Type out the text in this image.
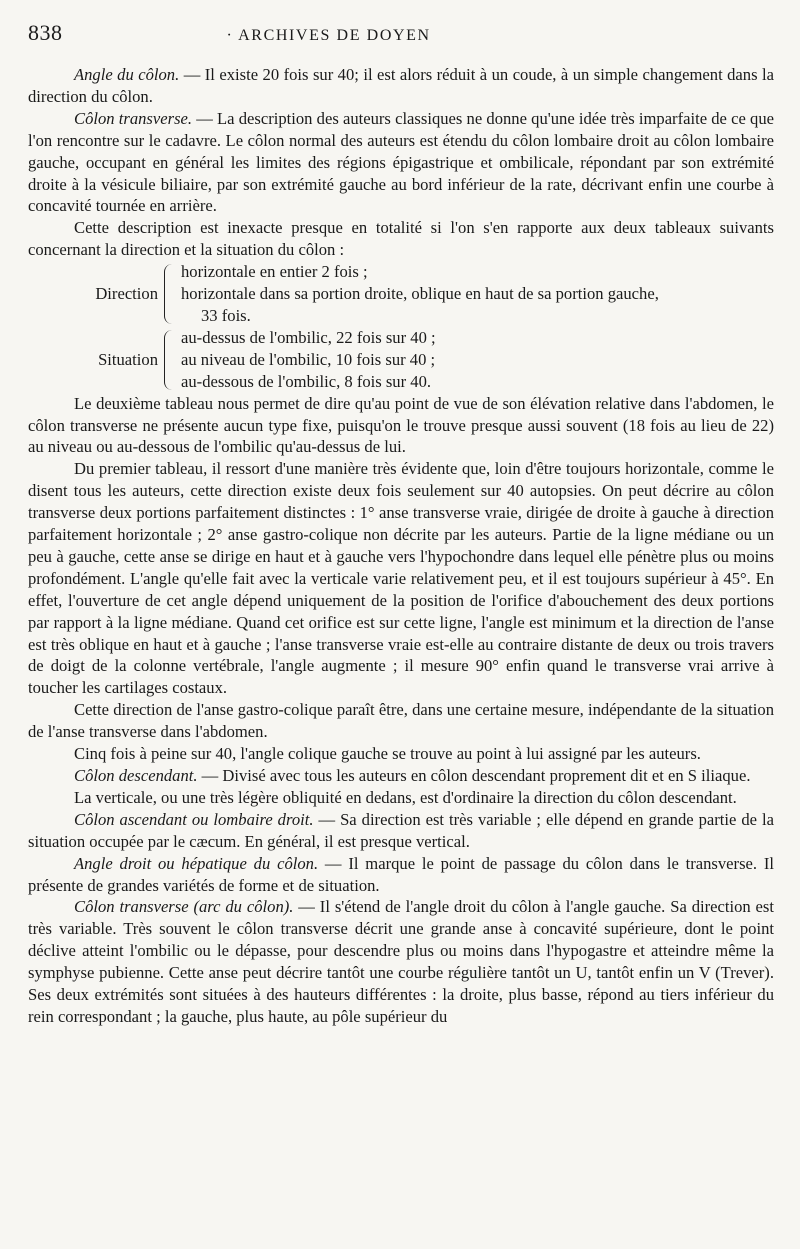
838	· ARCHIVES DE DOYEN

Angle du côlon. — Il existe 20 fois sur 40; il est alors réduit à un coude, à un simple changement dans la direction du côlon.

Côlon transverse. — La description des auteurs classiques ne donne qu'une idée très imparfaite de ce que l'on rencontre sur le cadavre. Le côlon normal des auteurs est étendu du côlon lombaire droit au côlon lombaire gauche, occupant en général les limites des régions épigastrique et ombilicale, répondant par son extrémité droite à la vésicule biliaire, par son extrémité gauche au bord inférieur de la rate, décrivant enfin une courbe à concavité tournée en arrière.

Cette description est inexacte presque en totalité si l'on s'en rapporte aux deux tableaux suivants concernant la direction et la situation du côlon :

Direction
horizontale en entier 2 fois ;
horizontale dans sa portion droite, oblique en haut de sa portion gauche,
33 fois.
Situation
au-dessus de l'ombilic, 22 fois sur 40 ;
au niveau de l'ombilic, 10 fois sur 40 ;
au-dessous de l'ombilic, 8 fois sur 40.

Le deuxième tableau nous permet de dire qu'au point de vue de son élévation relative dans l'abdomen, le côlon transverse ne présente aucun type fixe, puisqu'on le trouve presque aussi souvent (18 fois au lieu de 22) au niveau ou au-dessous de l'ombilic qu'au-dessus de lui.

Du premier tableau, il ressort d'une manière très évidente que, loin d'être toujours horizontale, comme le disent tous les auteurs, cette direction existe deux fois seulement sur 40 autopsies. On peut décrire au côlon transverse deux portions parfaitement distinctes : 1° anse transverse vraie, dirigée de droite à gauche à direction parfaitement horizontale ; 2° anse gastro-colique non décrite par les auteurs. Partie de la ligne médiane ou un peu à gauche, cette anse se dirige en haut et à gauche vers l'hypochondre dans lequel elle pénètre plus ou moins profondément. L'angle qu'elle fait avec la verticale varie relativement peu, et il est toujours supérieur à 45°. En effet, l'ouverture de cet angle dépend uniquement de la position de l'orifice d'abouchement des deux portions par rapport à la ligne médiane. Quand cet orifice est sur cette ligne, l'angle est minimum et la direction de l'anse est très oblique en haut et à gauche ; l'anse transverse vraie est-elle au contraire distante de deux ou trois travers de doigt de la colonne vertébrale, l'angle augmente ; il mesure 90° enfin quand le transverse vrai arrive à toucher les cartilages costaux.

Cette direction de l'anse gastro-colique paraît être, dans une certaine mesure, indépendante de la situation de l'anse transverse dans l'abdomen.

Cinq fois à peine sur 40, l'angle colique gauche se trouve au point à lui assigné par les auteurs.

Côlon descendant. — Divisé avec tous les auteurs en côlon descendant proprement dit et en S iliaque.

La verticale, ou une très légère obliquité en dedans, est d'ordinaire la direction du côlon descendant.

Côlon ascendant ou lombaire droit. — Sa direction est très variable ; elle dépend en grande partie de la situation occupée par le cæcum. En général, il est presque vertical.

Angle droit ou hépatique du côlon. — Il marque le point de passage du côlon dans le transverse. Il présente de grandes variétés de forme et de situation.

Côlon transverse (arc du côlon). — Il s'étend de l'angle droit du côlon à l'angle gauche. Sa direction est très variable. Très souvent le côlon transverse décrit une grande anse à concavité supérieure, dont le point déclive atteint l'ombilic ou le dépasse, pour descendre plus ou moins dans l'hypogastre et atteindre même la symphyse pubienne. Cette anse peut décrire tantôt une courbe régulière tantôt un U, tantôt enfin un V (Trever). Ses deux extrémités sont situées à des hauteurs différentes : la droite, plus basse, répond au tiers inférieur du rein correspondant ; la gauche, plus haute, au pôle supérieur du
